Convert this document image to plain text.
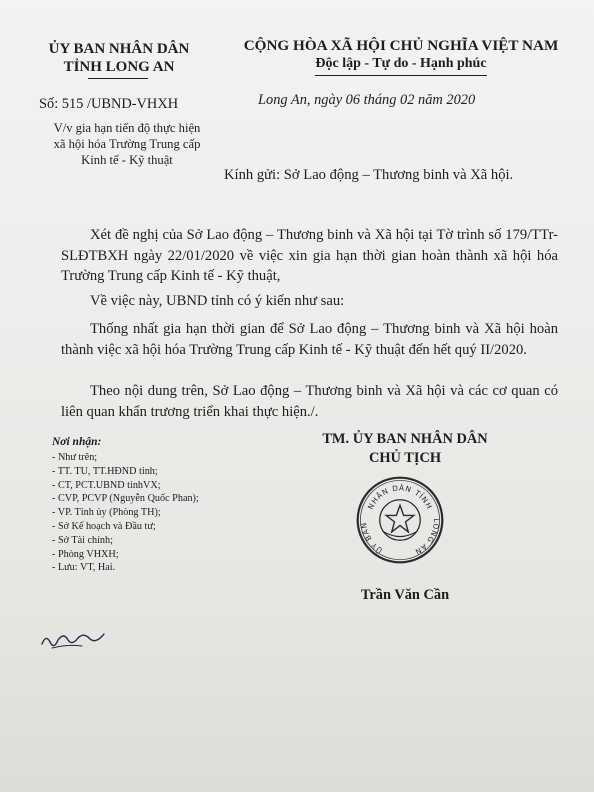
ỦY BAN NHÂN DÂN
TỈNH LONG AN
CỘNG HÒA XÃ HỘI CHỦ NGHĨA VIỆT NAM
Độc lập - Tự do - Hạnh phúc
Số: 515 /UBND-VHXH	Long An, ngày 06 tháng 02 năm 2020
V/v gia hạn tiến độ thực hiện
xã hội hóa Trường Trung cấp
Kinh tế - Kỹ thuật
Kính gửi: Sở Lao động – Thương binh và Xã hội.
Xét đề nghị của Sở Lao động – Thương binh và Xã hội tại Tờ trình số 179/TTr-SLĐTBXH ngày 22/01/2020 về việc xin gia hạn thời gian hoàn thành xã hội hóa Trường Trung cấp Kinh tế - Kỹ thuật,
Về việc này, UBND tỉnh có ý kiến như sau:
Thống nhất gia hạn thời gian để Sở Lao động – Thương binh và Xã hội hoàn thành việc xã hội hóa Trường Trung cấp Kinh tế - Kỹ thuật đến hết quý II/2020.
Theo nội dung trên, Sở Lao động – Thương binh và Xã hội và các cơ quan có liên quan khẩn trương triển khai thực hiện./.
Nơi nhận:
- Như trên;
- TT. TU, TT.HĐND tỉnh;
- CT, PCT.UBND tỉnhVX;
- CVP, PCVP (Nguyễn Quốc Phan);
- VP. Tỉnh ủy (Phòng TH);
- Sở Kế hoạch và Đầu tư;
- Sở Tài chính;
- Phòng VHXH;
- Lưu: VT, Hai.
TM. ỦY BAN NHÂN DÂN
CHỦ TỊCH
NHÂN DÂN TỈNH
ỦY BAN
LONG AN
Trần Văn Cần
